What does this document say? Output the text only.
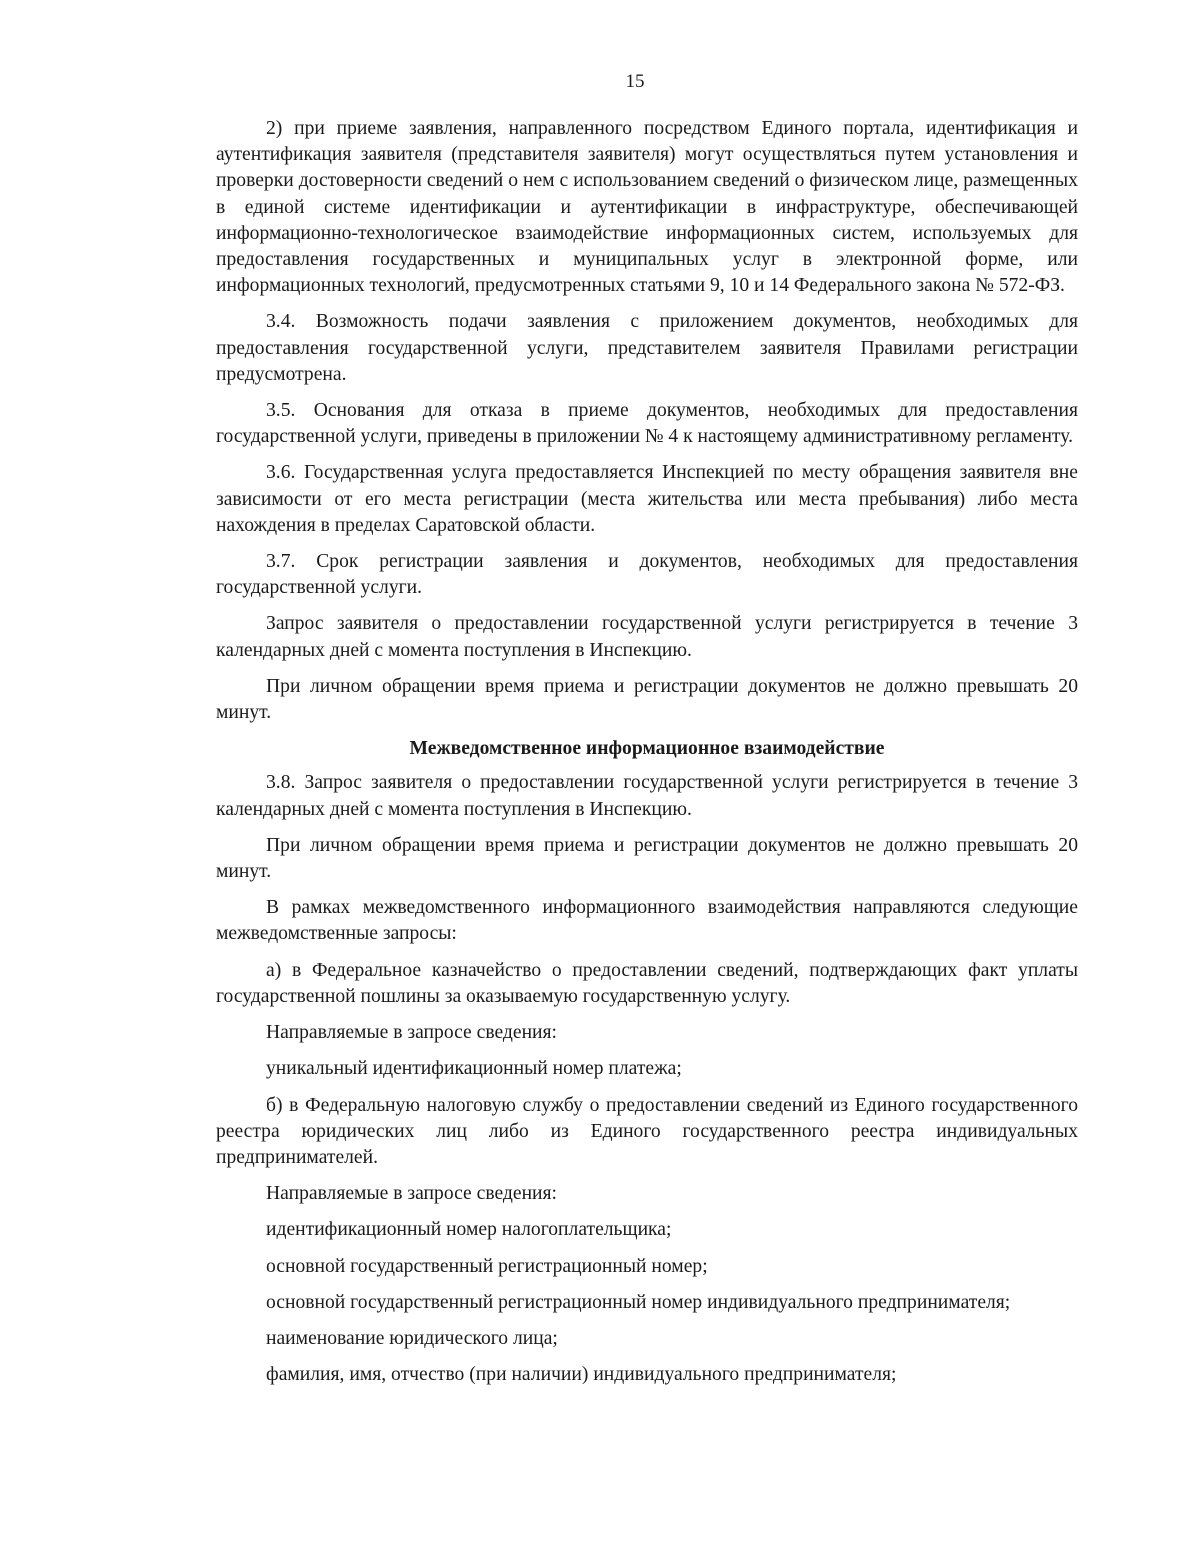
15

2) при приеме заявления, направленного посредством Единого портала, идентификация и аутентификация заявителя (представителя заявителя) могут осуществляться путем установления и проверки достоверности сведений о нем с использованием сведений о физическом лице, размещенных в единой системе идентификации и аутентификации в инфраструктуре, обеспечивающей информационно-технологическое взаимодействие информационных систем, используемых для предоставления государственных и муниципальных услуг в электронной форме, или информационных технологий, предусмотренных статьями 9, 10 и 14 Федерального закона № 572-ФЗ.

3.4. Возможность подачи заявления с приложением документов, необходимых для предоставления государственной услуги, представителем заявителя Правилами регистрации предусмотрена.

3.5. Основания для отказа в приеме документов, необходимых для предоставления государственной услуги, приведены в приложении № 4 к настоящему административному регламенту.

3.6. Государственная услуга предоставляется Инспекцией по месту обращения заявителя вне зависимости от его места регистрации (места жительства или места пребывания) либо места нахождения в пределах Саратовской области.

3.7. Срок регистрации заявления и документов, необходимых для предоставления государственной услуги.

Запрос заявителя о предоставлении государственной услуги регистрируется в течение 3 календарных дней с момента поступления в Инспекцию.

При личном обращении время приема и регистрации документов не должно превышать 20 минут.

Межведомственное информационное взаимодействие

3.8. Запрос заявителя о предоставлении государственной услуги регистрируется в течение 3 календарных дней с момента поступления в Инспекцию.

При личном обращении время приема и регистрации документов не должно превышать 20 минут.

В рамках межведомственного информационного взаимодействия направляются следующие межведомственные запросы:

а) в Федеральное казначейство о предоставлении сведений, подтверждающих факт уплаты государственной пошлины за оказываемую государственную услугу.

Направляемые в запросе сведения:

уникальный идентификационный номер платежа;

б) в Федеральную налоговую службу о предоставлении сведений из Единого государственного реестра юридических лиц либо из Единого государственного реестра индивидуальных предпринимателей.

Направляемые в запросе сведения:

идентификационный номер налогоплательщика;

основной государственный регистрационный номер;

основной государственный регистрационный номер индивидуального предпринимателя;

наименование юридического лица;

фамилия, имя, отчество (при наличии) индивидуального предпринимателя;
